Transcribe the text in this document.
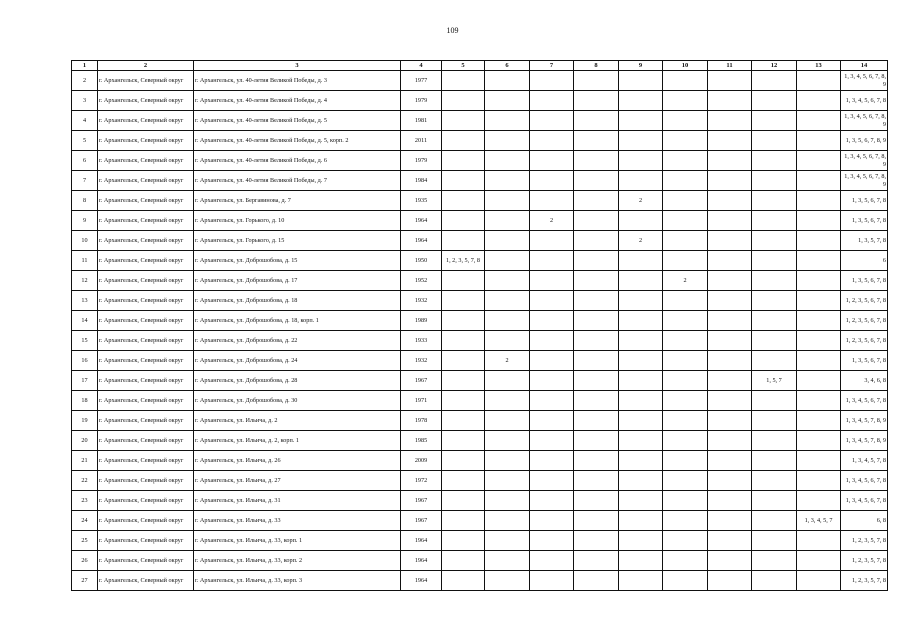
109
1	2	3	4	5	6	7	8	9	10	11	12	13	14
2	г. Архангельск, Северный округ	г. Архангельск, ул. 40-летия Великой Победы, д. 3	1977										1, 3, 4, 5, 6, 7, 8, 9
3	г. Архангельск, Северный округ	г. Архангельск, ул. 40-летия Великой Победы, д. 4	1979										1, 3, 4, 5, 6, 7, 8
4	г. Архангельск, Северный округ	г. Архангельск, ул. 40-летия Великой Победы, д. 5	1981										1, 3, 4, 5, 6, 7, 8, 9
5	г. Архангельск, Северный округ	г. Архангельск, ул. 40-летия Великой Победы, д. 5, корп. 2	2011										1, 3, 5, 6, 7, 8, 9
6	г. Архангельск, Северный округ	г. Архангельск, ул. 40-летия Великой Победы, д. 6	1979										1, 3, 4, 5, 6, 7, 8, 9
7	г. Архангельск, Северный округ	г. Архангельск, ул. 40-летия Великой Победы, д. 7	1984										1, 3, 4, 5, 6, 7, 8, 9
8	г. Архангельск, Северный округ	г. Архангельск, ул. Бергавинова, д. 7	1935					2					1, 3, 5, 6, 7, 8
9	г. Архангельск, Северный округ	г. Архангельск, ул. Горького, д. 10	1964			2							1, 3, 5, 6, 7, 8
10	г. Архангельск, Северный округ	г. Архангельск, ул. Горького, д. 15	1964					2					1, 3, 5, 7, 8
11	г. Архангельск, Северный округ	г. Архангельск, ул. Доброшобова, д. 15	1950	1, 2, 3, 5, 7, 8									6
12	г. Архангельск, Северный округ	г. Архангельск, ул. Доброшобова, д. 17	1952						2				1, 3, 5, 6, 7, 8
13	г. Архангельск, Северный округ	г. Архангельск, ул. Доброшобова, д. 18	1932										1, 2, 3, 5, 6, 7, 8
14	г. Архангельск, Северный округ	г. Архангельск, ул. Доброшобова, д. 18, корп. 1	1989										1, 2, 3, 5, 6, 7, 8
15	г. Архангельск, Северный округ	г. Архангельск, ул. Доброшобова, д. 22	1933										1, 2, 3, 5, 6, 7, 8
16	г. Архангельск, Северный округ	г. Архангельск, ул. Доброшобова, д. 24	1932		2								1, 3, 5, 6, 7, 8
17	г. Архангельск, Северный округ	г. Архангельск, ул. Доброшобова, д. 28	1967								1, 5, 7		3, 4, 6, 8
18	г. Архангельск, Северный округ	г. Архангельск, ул. Доброшобова, д. 30	1971										1, 3, 4, 5, 6, 7, 8
19	г. Архангельск, Северный округ	г. Архангельск, ул. Ильича, д. 2	1978										1, 3, 4, 5, 7, 8, 9
20	г. Архангельск, Северный округ	г. Архангельск, ул. Ильича, д. 2, корп. 1	1985										1, 3, 4, 5, 7, 8, 9
21	г. Архангельск, Северный округ	г. Архангельск, ул. Ильича, д. 26	2009										1, 3, 4, 5, 7, 8
22	г. Архангельск, Северный округ	г. Архангельск, ул. Ильича, д. 27	1972										1, 3, 4, 5, 6, 7, 8
23	г. Архангельск, Северный округ	г. Архангельск, ул. Ильича, д. 31	1967										1, 3, 4, 5, 6, 7, 8
24	г. Архангельск, Северный округ	г. Архангельск, ул. Ильича, д. 33	1967									1, 3, 4, 5, 7	6, 8
25	г. Архангельск, Северный округ	г. Архангельск, ул. Ильича, д. 33, корп. 1	1964										1, 2, 3, 5, 7, 8
26	г. Архангельск, Северный округ	г. Архангельск, ул. Ильича, д. 33, корп. 2	1964										1, 2, 3, 5, 7, 8
27	г. Архангельск, Северный округ	г. Архангельск, ул. Ильича, д. 33, корп. 3	1964										1, 2, 3, 5, 7, 8
